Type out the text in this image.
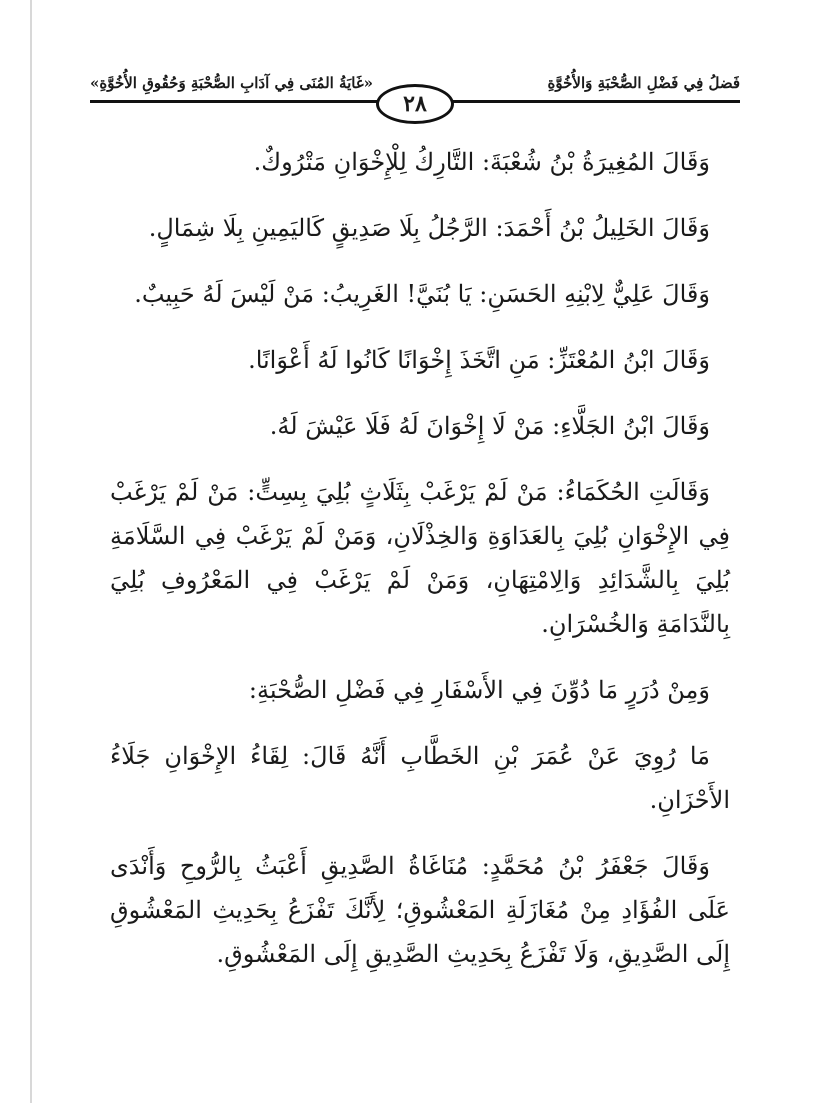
فَضلُ فِي فَضْلِ الصُّحْبَةِ وَالأُخُوَّةِ
«غَايَةُ المُنَى فِي آدَابِ الصُّحْبَةِ وَحُقُوقِ الأُخُوَّةِ»
٢٨

وَقَالَ المُغِيرَةُ بْنُ شُعْبَةَ: التَّارِكُ لِلْإِخْوَانِ مَتْرُوكٌ.

وَقَالَ الخَلِيلُ بْنُ أَحْمَدَ: الرَّجُلُ بِلَا صَدِيقٍ كَاليَمِينِ بِلَا شِمَالٍ.

وَقَالَ عَلِيٌّ لِابْنِهِ الحَسَنِ: يَا بُنَيَّ! الغَرِيبُ: مَنْ لَيْسَ لَهُ حَبِيبٌ.

وَقَالَ ابْنُ المُعْتَزِّ: مَنِ اتَّخَذَ إِخْوَانًا كَانُوا لَهُ أَعْوَانًا.

وَقَالَ ابْنُ الجَلَّاءِ: مَنْ لَا إِخْوَانَ لَهُ فَلَا عَيْشَ لَهُ.

وَقَالَتِ الحُكَمَاءُ: مَنْ لَمْ يَرْغَبْ بِثَلَاثٍ بُلِيَ بِسِتٍّ: مَنْ لَمْ يَرْغَبْ فِي الإِخْوَانِ بُلِيَ بِالعَدَاوَةِ وَالخِذْلَانِ، وَمَنْ لَمْ يَرْغَبْ فِي السَّلَامَةِ بُلِيَ بِالشَّدَائِدِ وَالِامْتِهَانِ، وَمَنْ لَمْ يَرْغَبْ فِي المَعْرُوفِ بُلِيَ بِالنَّدَامَةِ وَالخُسْرَانِ.

وَمِنْ دُرَرٍ مَا دُوِّنَ فِي الأَسْفَارِ فِي فَضْلِ الصُّحْبَةِ:

مَا رُوِيَ عَنْ عُمَرَ بْنِ الخَطَّابِ أَنَّهُ قَالَ: لِقَاءُ الإِخْوَانِ جَلَاءُ الأَحْزَانِ.

وَقَالَ جَعْفَرُ بْنُ مُحَمَّدٍ: مُنَاغَاةُ الصَّدِيقِ أَعْبَثُ بِالرُّوحِ وَأَنْدَى عَلَى الفُؤَادِ مِنْ مُغَازَلَةِ المَعْشُوقِ؛ لِأَنَّكَ تَفْزَعُ بِحَدِيثِ المَعْشُوقِ إِلَى الصَّدِيقِ، وَلَا تَفْزَعُ بِحَدِيثِ الصَّدِيقِ إِلَى المَعْشُوقِ.
